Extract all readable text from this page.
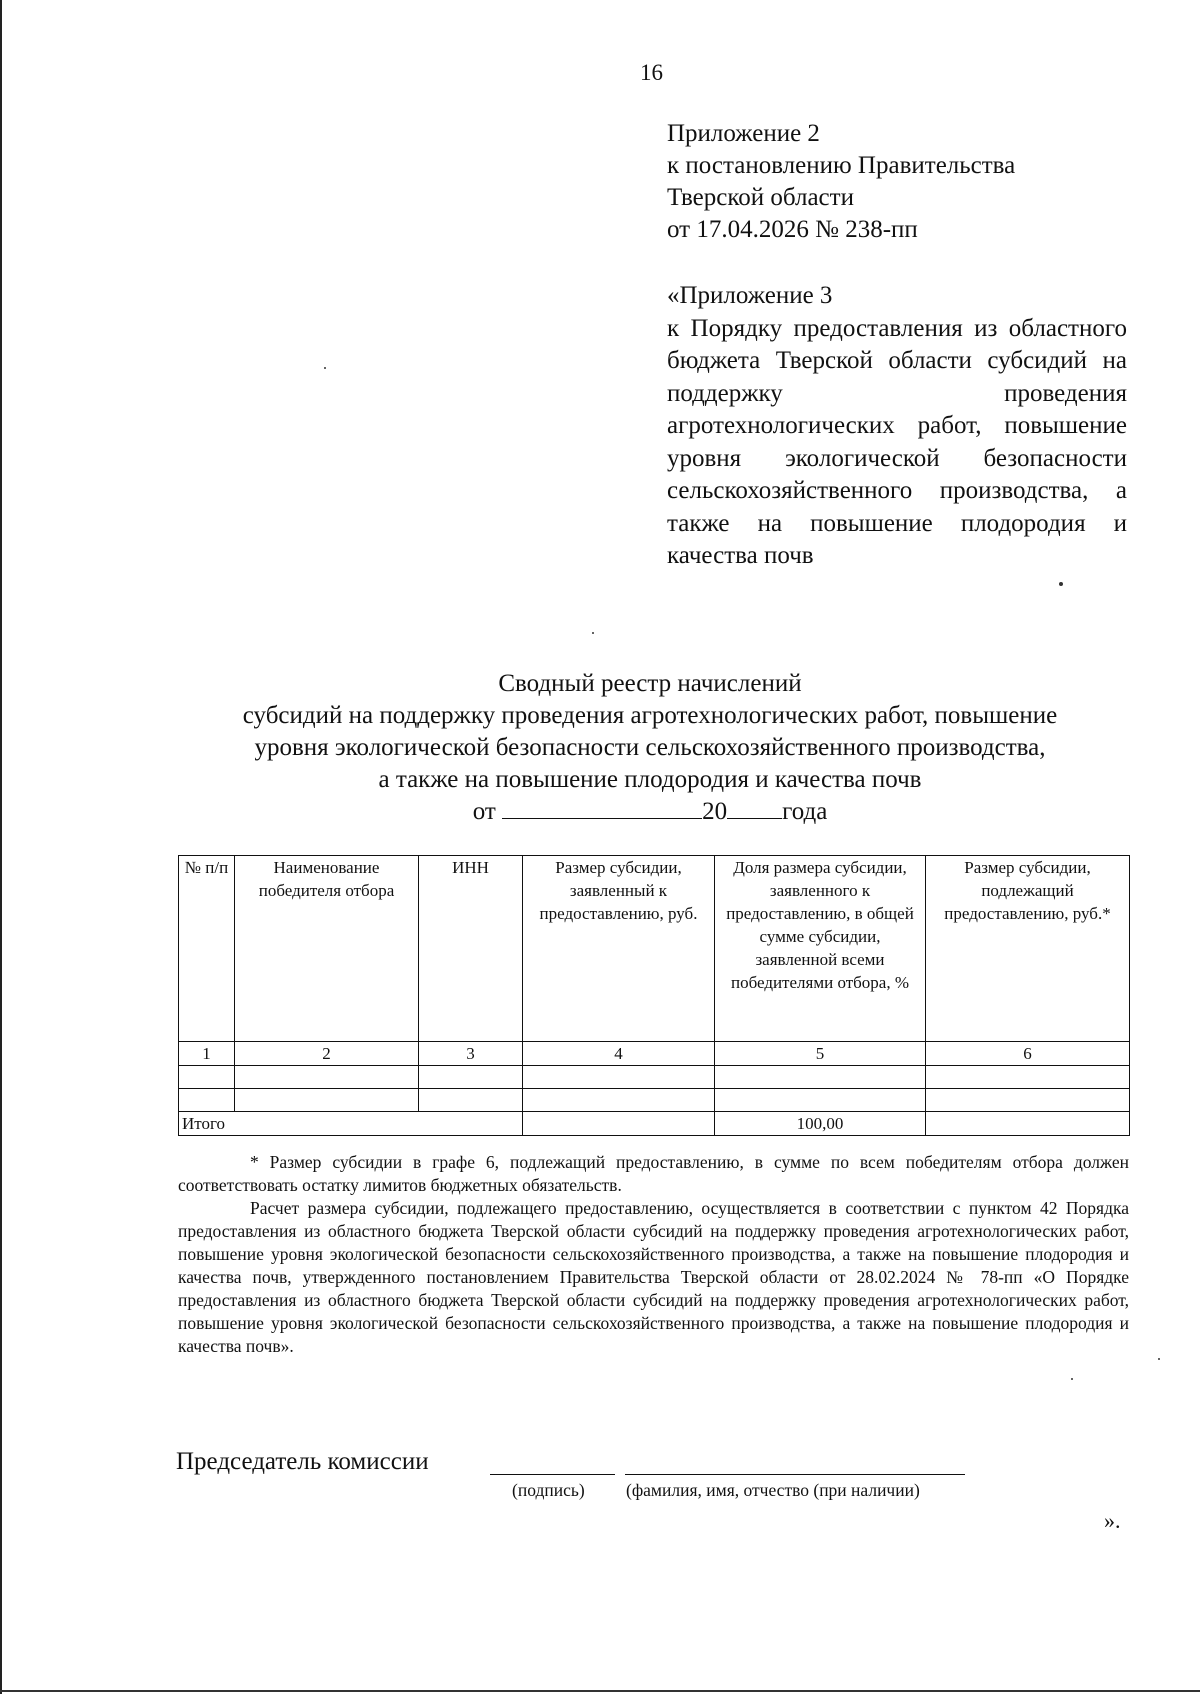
16
Приложение 2
к постановлению Правительства
Тверской области
от 17.04.2026 № 238-пп
«Приложение 3
к Порядку предоставления из областного бюджета Тверской области субсидий на поддержку проведения агротехнологических работ, повышение уровня экологической безопасности сельскохозяйственного производства, а также на повышение плодородия и качества почв
Сводный реестр начислений
субсидий на поддержку проведения агротехнологических работ, повышение
уровня экологической безопасности сельскохозяйственного производства,
а также на повышение плодородия и качества почв
от	20 года
№ п/п	Наименование победителя отбора	ИНН	Размер субсидии, заявленный к предоставлению, руб.	Доля размера субсидии, заявленного к предоставлению, в общей сумме субсидии, заявленной всеми победителями отбора, %	Размер субсидии, подлежащий предоставлению, руб.*
1	2	3	4	5	6

Итого				100,00	

* Размер субсидии в графе 6, подлежащий предоставлению, в сумме по всем победителям отбора должен соответствовать остатку лимитов бюджетных обязательств.

Расчет размера субсидии, подлежащего предоставлению, осуществляется в соответствии с пунктом 42 Порядка предоставления из областного бюджета Тверской области субсидий на поддержку проведения агротехнологических работ, повышение уровня экологической безопасности сельскохозяйственного производства, а также на повышение плодородия и качества почв, утвержденного постановлением Правительства Тверской области от 28.02.2024 № 78-пп «О Порядке предоставления из областного бюджета Тверской области субсидий на поддержку проведения агротехнологических работ, повышение уровня экологической безопасности сельскохозяйственного производства, а также на повышение плодородия и качества почв».

Председатель комиссии
(подпись) (фамилия, имя, отчество (при наличии)
».
